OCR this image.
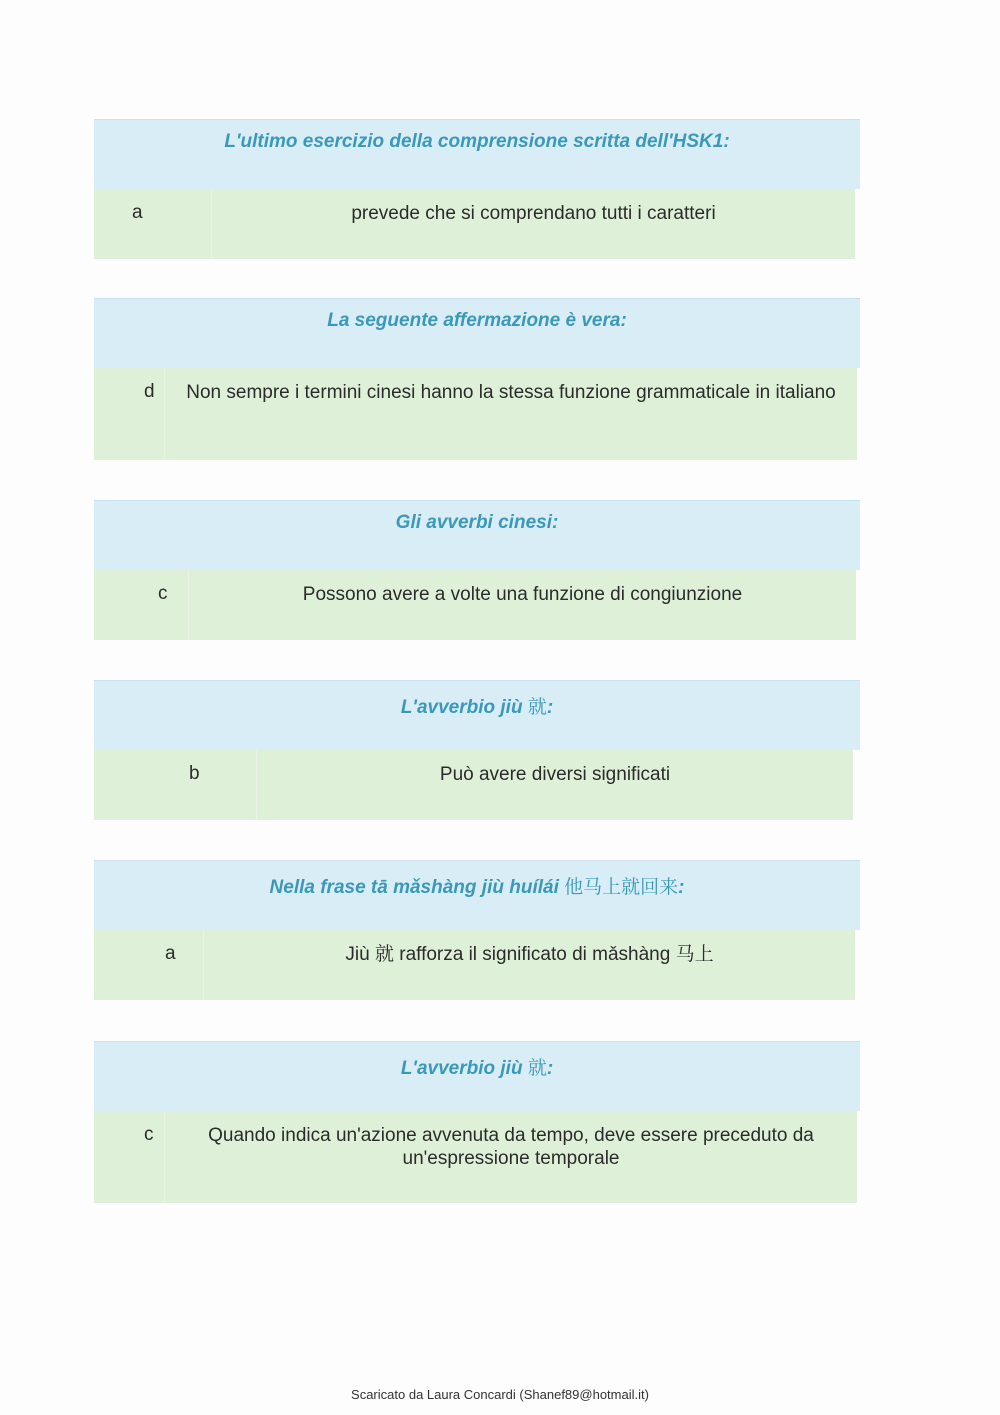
L'ultimo esercizio della comprensione scritta dell'HSK1:
a	prevede che si comprendano tutti i caratteri
La seguente affermazione è vera:
d	Non sempre i termini cinesi hanno la stessa funzione grammaticale in italiano
Gli avverbi cinesi:
c	Possono avere a volte una funzione di congiunzione
L'avverbio jiù 就:
b	Può avere diversi significati
Nella frase tā mǎshàng jiù huílái 他马上就回来:
a	Jiù 就 rafforza il significato di mǎshàng 马上
L'avverbio jiù 就:
c	Quando indica un'azione avvenuta da tempo, deve essere preceduto da un'espressione temporale
Scaricato da Laura Concardi (Shanef89@hotmail.it)
